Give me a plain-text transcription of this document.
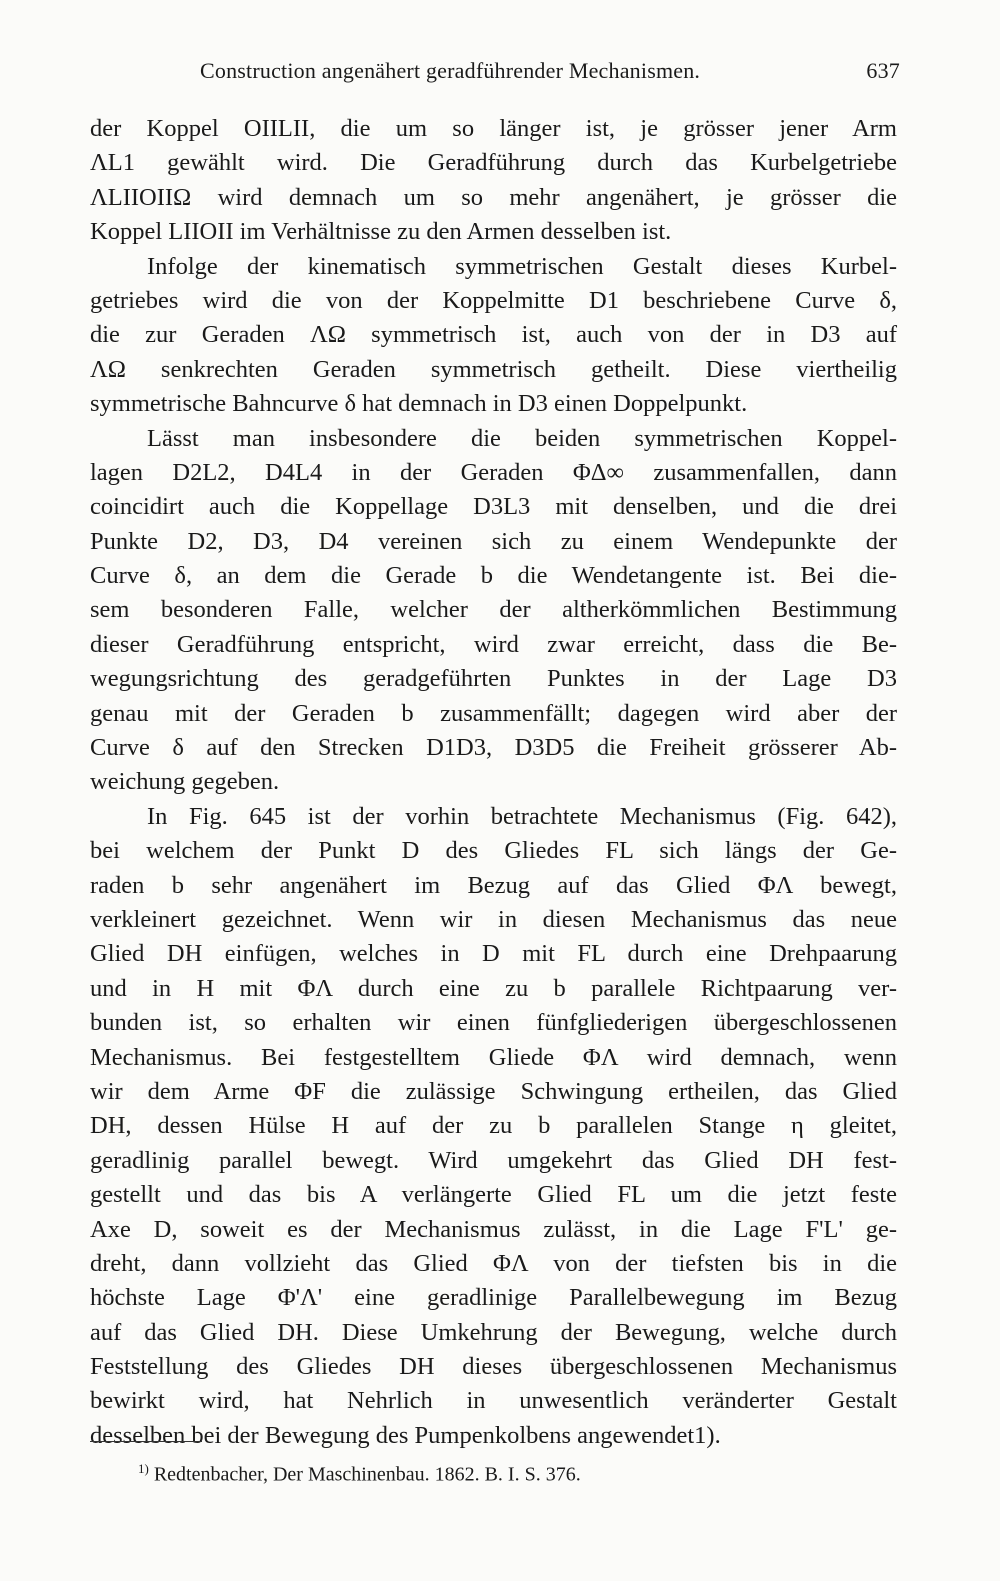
Construction angenähert geradführender Mechanismen.	637
der Koppel OIILII, die um so länger ist, je grösser jener Arm
ΛL1 gewählt wird. Die Geradführung durch das Kurbelgetriebe
ΛLIIOIIΩ wird demnach um so mehr angenähert, je grösser die
Koppel LIIOII im Verhältnisse zu den Armen desselben ist.
Infolge der kinematisch symmetrischen Gestalt dieses Kurbel-
getriebes wird die von der Koppelmitte D1 beschriebene Curve δ,
die zur Geraden ΛΩ symmetrisch ist, auch von der in D3 auf
ΛΩ senkrechten Geraden symmetrisch getheilt. Diese viertheilig
symmetrische Bahncurve δ hat demnach in D3 einen Doppelpunkt.
Lässt man insbesondere die beiden symmetrischen Koppel-
lagen D2L2, D4L4 in der Geraden ΦΔ∞ zusammenfallen, dann
coincidirt auch die Koppellage D3L3 mit denselben, und die drei
Punkte D2, D3, D4 vereinen sich zu einem Wendepunkte der
Curve δ, an dem die Gerade b die Wendetangente ist. Bei die-
sem besonderen Falle, welcher der altherkömmlichen Bestimmung
dieser Geradführung entspricht, wird zwar erreicht, dass die Be-
wegungsrichtung des geradgeführten Punktes in der Lage D3
genau mit der Geraden b zusammenfällt; dagegen wird aber der
Curve δ auf den Strecken D1D3, D3D5 die Freiheit grösserer Ab-
weichung gegeben.
In Fig. 645 ist der vorhin betrachtete Mechanismus (Fig. 642),
bei welchem der Punkt D des Gliedes FL sich längs der Ge-
raden b sehr angenähert im Bezug auf das Glied ΦΛ bewegt,
verkleinert gezeichnet. Wenn wir in diesen Mechanismus das neue
Glied DH einfügen, welches in D mit FL durch eine Drehpaarung
und in H mit ΦΛ durch eine zu b parallele Richtpaarung ver-
bunden ist, so erhalten wir einen fünfgliederigen übergeschlossenen
Mechanismus. Bei festgestelltem Gliede ΦΛ wird demnach, wenn
wir dem Arme ΦF die zulässige Schwingung ertheilen, das Glied
DH, dessen Hülse H auf der zu b parallelen Stange η gleitet,
geradlinig parallel bewegt. Wird umgekehrt das Glied DH fest-
gestellt und das bis A verlängerte Glied FL um die jetzt feste
Axe D, soweit es der Mechanismus zulässt, in die Lage F'L' ge-
dreht, dann vollzieht das Glied ΦΛ von der tiefsten bis in die
höchste Lage Φ'Λ' eine geradlinige Parallelbewegung im Bezug
auf das Glied DH. Diese Umkehrung der Bewegung, welche durch
Feststellung des Gliedes DH dieses übergeschlossenen Mechanismus
bewirkt wird, hat Nehrlich in unwesentlich veränderter Gestalt
desselben bei der Bewegung des Pumpenkolbens angewendet1).
$^{1)}$ Redtenbacher, Der Maschinenbau. 1862. B. I. S. 376.
